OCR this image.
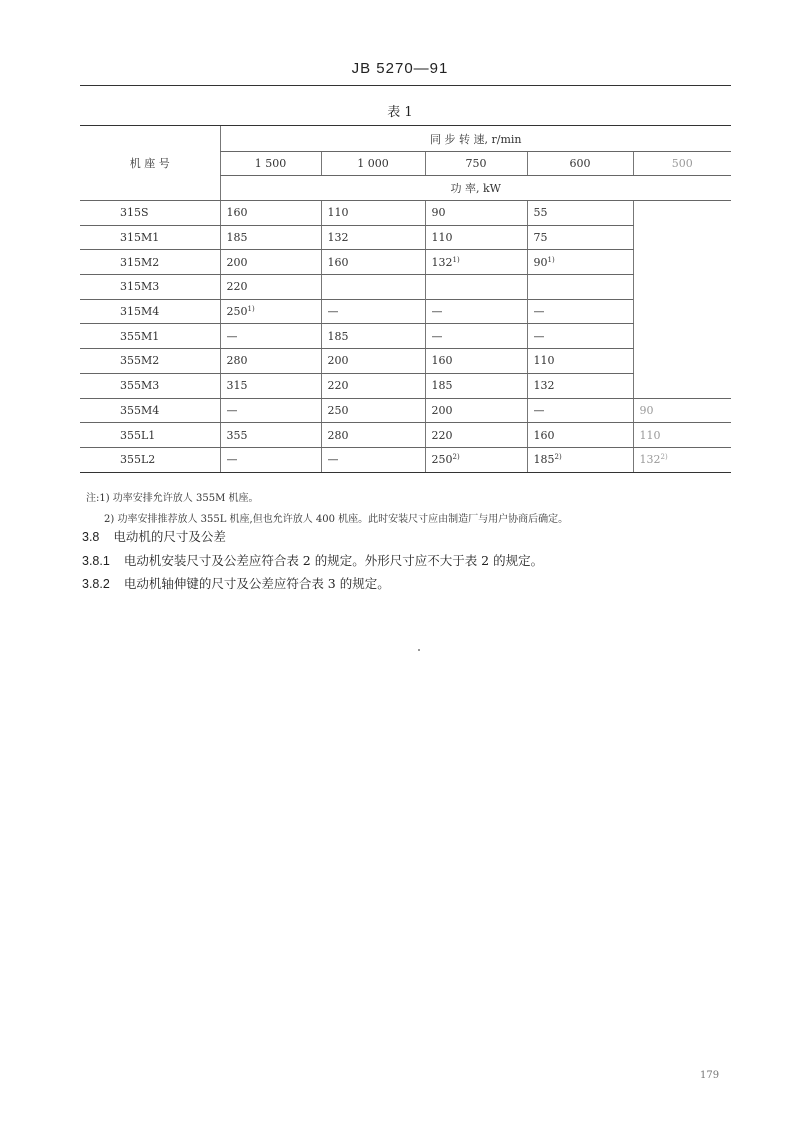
JB 5270—91
表 1
机 座 号	同 步 转 速, r/min				
	1 500	1 000	750	600	500
	功 率, kW				
315S	160	110	90	55	
315M1	185	132	110	75	
315M2	200	160	132$^{1)}$	90$^{1)}$	
315M3	220				
315M4	250$^{1)}$	—	—	—	
355M1	—	185	—	—	
355M2	280	200	160	110	
355M3	315	220	185	132	
355M4	—	250	200	—	90
355L1	355	280	220	160	110
355L2	—	—	250$^{2)}$	185$^{2)}$	132$^{2)}$
注:1) 功率安排允许放人 355M 机座。
2) 功率安排推荐放人 355L 机座,但也允许放人 400 机座。此时安装尺寸应由制造厂与用户协商后确定。
3.8 电动机的尺寸及公差
3.8.1 电动机安装尺寸及公差应符合表 2 的规定。外形尺寸应不大于表 2 的规定。
3.8.2 电动机轴伸键的尺寸及公差应符合表 3 的规定。
179
